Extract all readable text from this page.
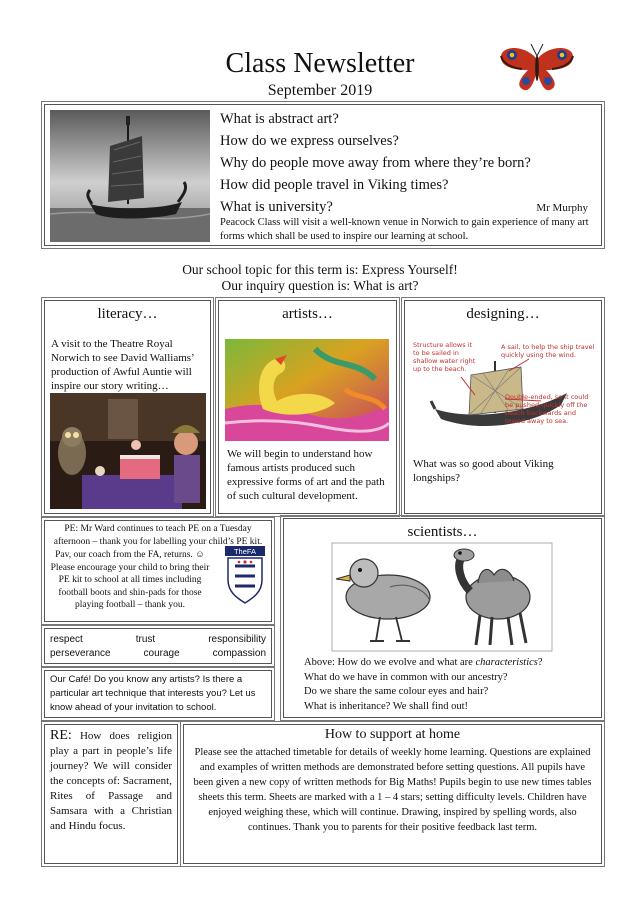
Class Newsletter
September 2019

What is abstract art?

How do we express ourselves?

Why do people move away from where they’re born?

How did people travel in Viking times?

What is university?	Mr Murphy
Peacock Class will visit a well-known venue in Norwich to gain experience of many art forms which shall be used to inspire our learning at school.

Our school topic for this term is: Express Yourself!

Our inquiry question is: What is art?

literacy…
A visit to the Theatre Royal Norwich to see David Walliams’ production of Awful Auntie will inspire our story writing…
artists…
We will begin to understand how famous artists produced such expressive forms of art and the path of such cultural development.
designing…
Structure allows it to be sailed in shallow water right up to the beach.
A sail, to help the ship travel quickly using the wind.
Double-ended, so it could be pushed quickly off the beach backwards and rowed away to sea.
What was so good about Viking longships?
PE: Mr Ward continues to teach PE on a Tuesday afternoon – thank you for labelling your child’s PE kit.
Pav, our coach from the FA, returns. ☺ Please encourage your child to bring their PE kit to school at all times including football boots and shin-pads for those playing football – thank you.
TheFA
respect	trust	responsibility
perseverance	courage	compassion
Our Café! Do you know any artists? Is there a particular art technique that interests you? Let us know ahead of your invitation to school.
scientists…

Above: How do we evolve and what are characteristics?

What do we have in common with our ancestry?

Do we share the same colour eyes and hair?

What is inheritance? We shall find out!

RE: How does religion play a part in people’s life journey? We will consider the concepts of: Sacrament, Rites of Passage and Samsara with a Christian and Hindu focus.
How to support at home
Please see the attached timetable for details of weekly home learning. Questions are explained and examples of written methods are demonstrated before setting questions. All pupils have been given a new copy of written methods for Big Maths! Pupils begin to use new times tables sheets this term. Sheets are marked with a 1 – 4 stars; setting difficulty levels. Children have enjoyed weighing these, which will continue. Drawing, inspired by spelling words, also continues. Thank you to parents for their positive feedback last term.
